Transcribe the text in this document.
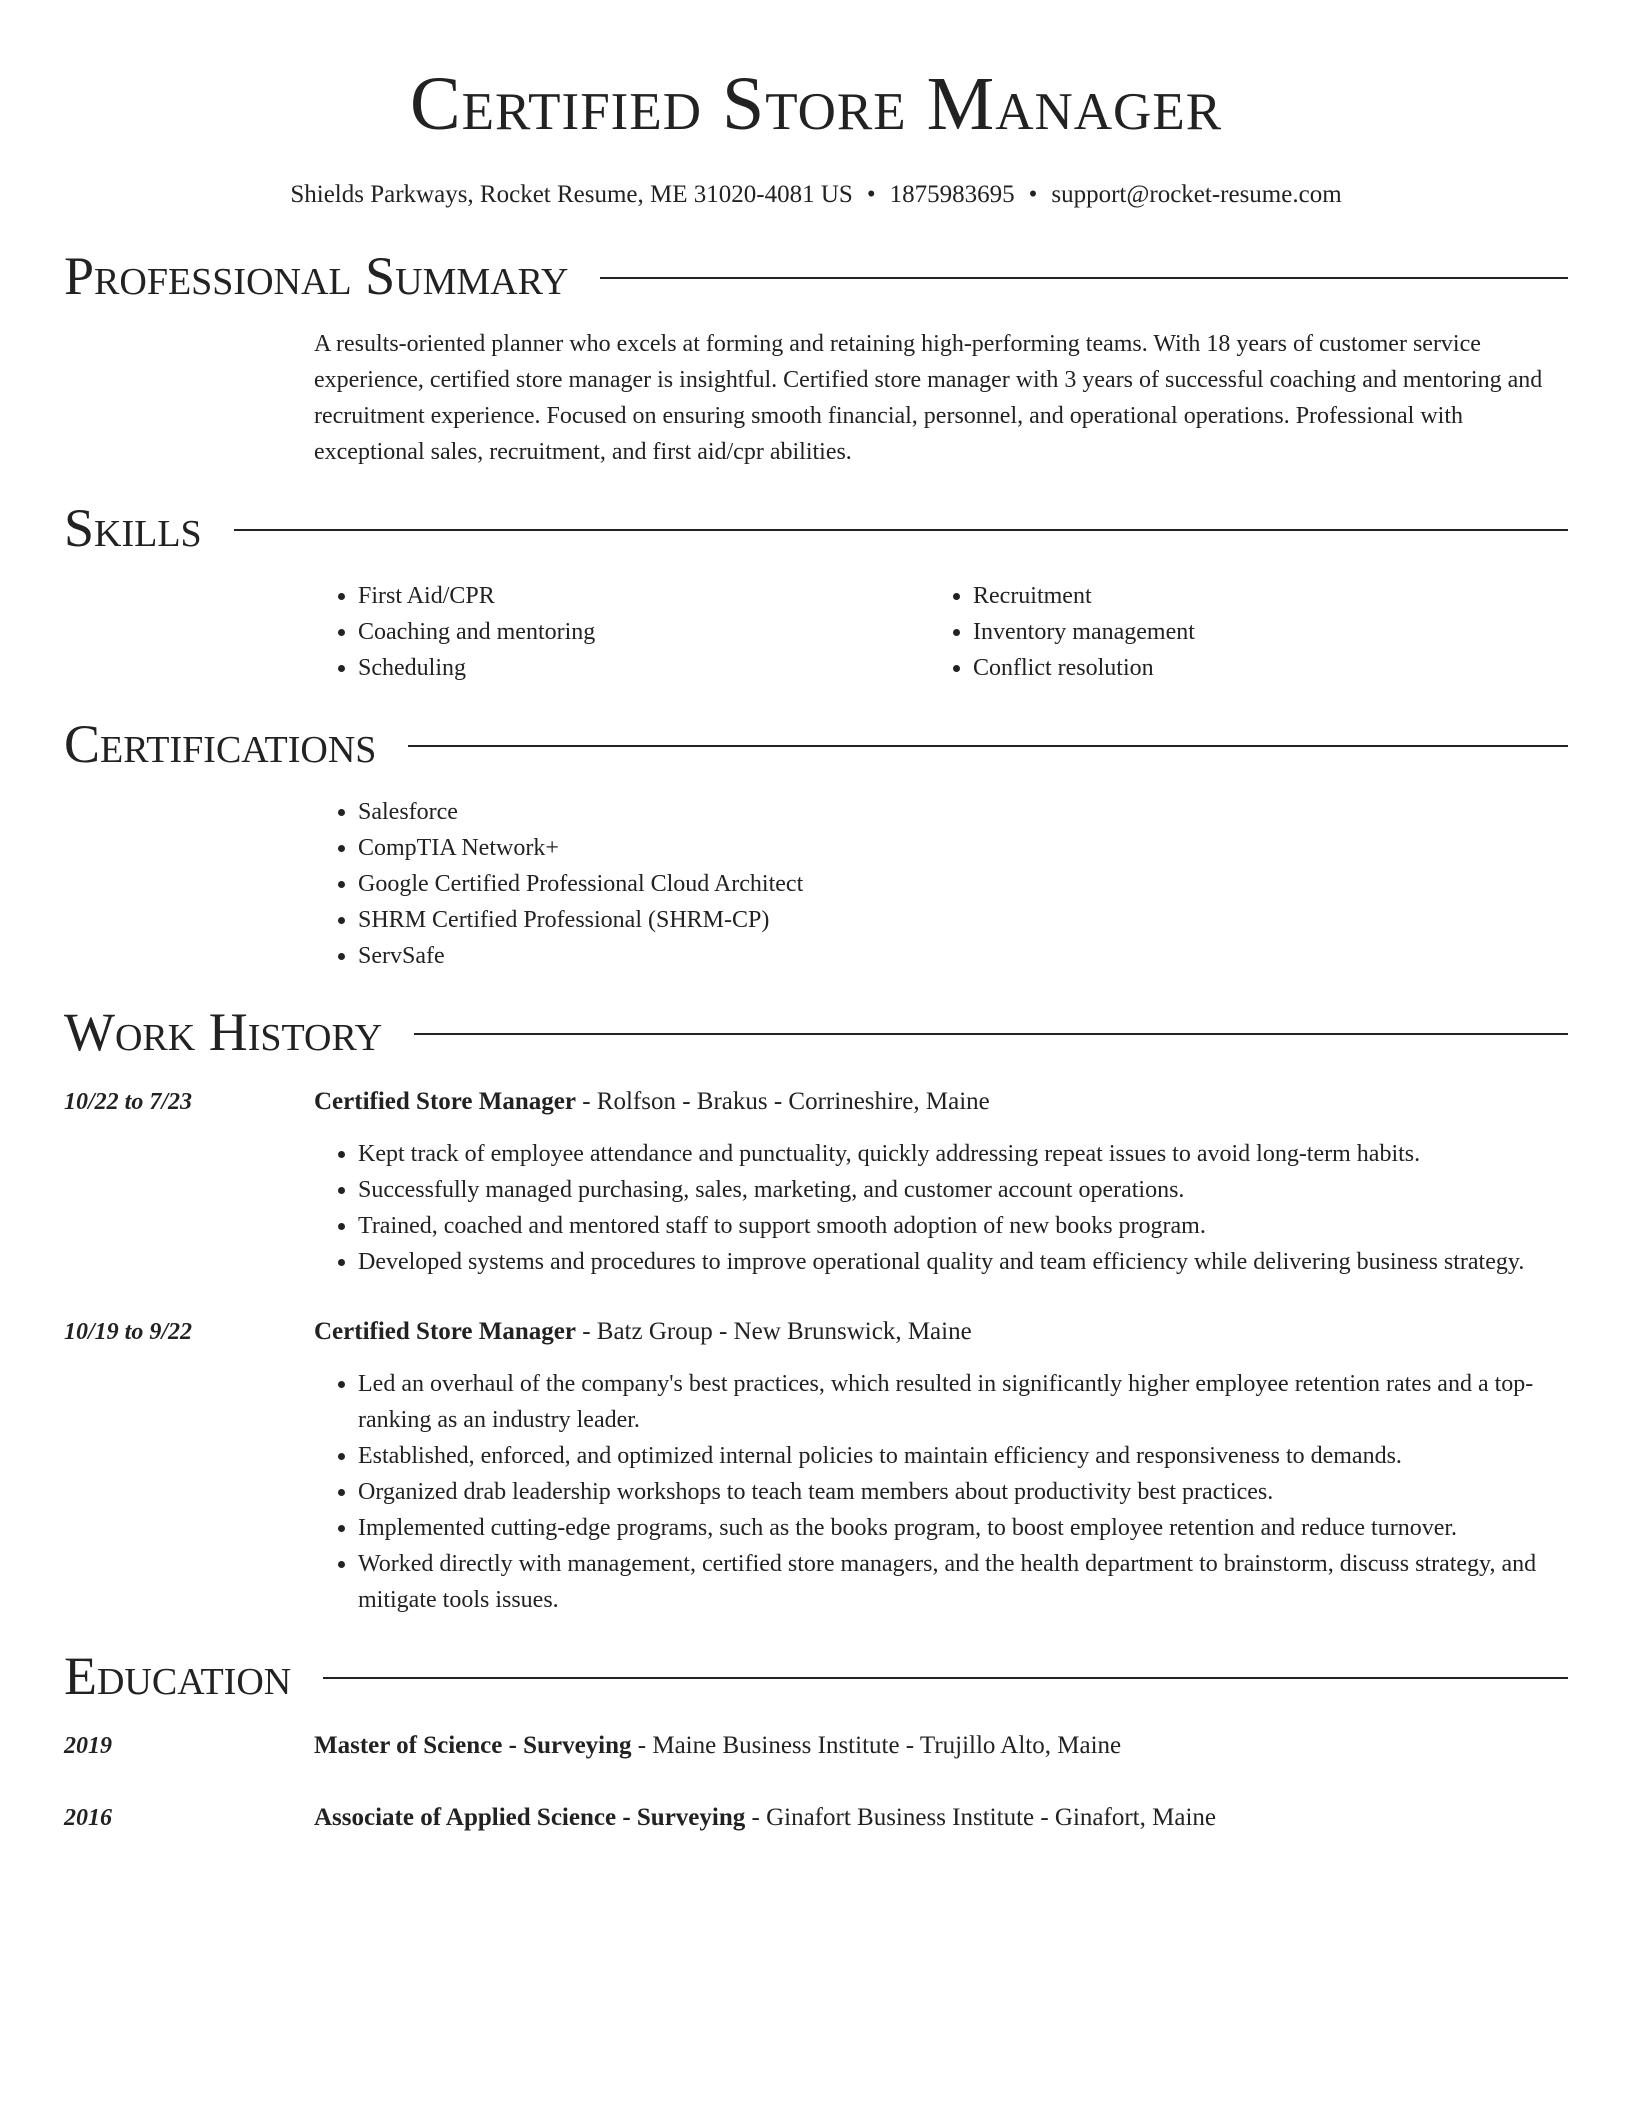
Certified Store Manager
Shields Parkways, Rocket Resume, ME 31020-4081 US • 1875983695 • support@rocket-resume.com
Professional Summary
A results-oriented planner who excels at forming and retaining high-performing teams. With 18 years of customer service experience, certified store manager is insightful. Certified store manager with 3 years of successful coaching and mentoring and recruitment experience. Focused on ensuring smooth financial, personnel, and operational operations. Professional with exceptional sales, recruitment, and first aid/cpr abilities.
Skills
• First Aid/CPR
• Coaching and mentoring
• Scheduling
• Recruitment
• Inventory management
• Conflict resolution
Certifications
• Salesforce
• CompTIA Network+
• Google Certified Professional Cloud Architect
• SHRM Certified Professional (SHRM-CP)
• ServSafe
Work History
10/22 to 7/23	Certified Store Manager - Rolfson - Brakus - Corrineshire, Maine
• Kept track of employee attendance and punctuality, quickly addressing repeat issues to avoid long-term habits.
• Successfully managed purchasing, sales, marketing, and customer account operations.
• Trained, coached and mentored staff to support smooth adoption of new books program.
• Developed systems and procedures to improve operational quality and team efficiency while delivering business strategy.
10/19 to 9/22	Certified Store Manager - Batz Group - New Brunswick, Maine
• Led an overhaul of the company's best practices, which resulted in significantly higher employee retention rates and a top-ranking as an industry leader.
• Established, enforced, and optimized internal policies to maintain efficiency and responsiveness to demands.
• Organized drab leadership workshops to teach team members about productivity best practices.
• Implemented cutting-edge programs, such as the books program, to boost employee retention and reduce turnover.
• Worked directly with management, certified store managers, and the health department to brainstorm, discuss strategy, and mitigate tools issues.
Education
2019	Master of Science - Surveying - Maine Business Institute - Trujillo Alto, Maine
2016	Associate of Applied Science - Surveying - Ginafort Business Institute - Ginafort, Maine
